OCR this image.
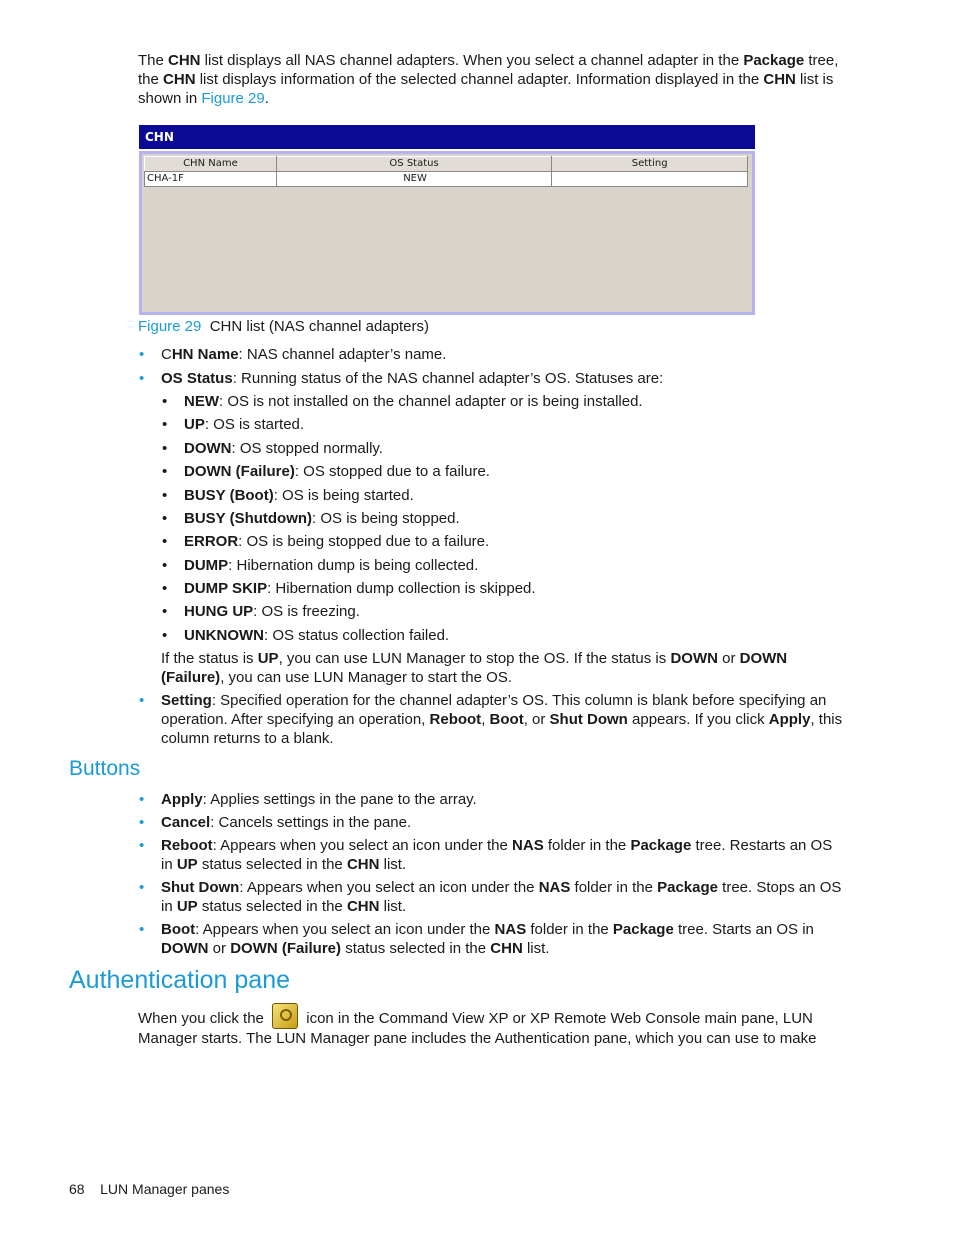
The CHN list displays all NAS channel adapters. When you select a channel adapter in the Package tree, the CHN list displays information of the selected channel adapter. Information displayed in the CHN list is shown in Figure 29.
CHN
CHN Name	OS Status	Setting
CHA-1F	NEW	
Figure 29 CHN list (NAS channel adapters)
• CHN Name: NAS channel adapter’s name.
• OS Status: Running status of the NAS channel adapter’s OS. Statuses are:
• NEW: OS is not installed on the channel adapter or is being installed.
• UP: OS is started.
• DOWN: OS stopped normally.
• DOWN (Failure): OS stopped due to a failure.
• BUSY (Boot): OS is being started.
• BUSY (Shutdown): OS is being stopped.
• ERROR: OS is being stopped due to a failure.
• DUMP: Hibernation dump is being collected.
• DUMP SKIP: Hibernation dump collection is skipped.
• HUNG UP: OS is freezing.
• UNKNOWN: OS status collection failed.
If the status is UP, you can use LUN Manager to stop the OS. If the status is DOWN or DOWN (Failure), you can use LUN Manager to start the OS.
• Setting: Specified operation for the channel adapter’s OS. This column is blank before specifying an operation. After specifying an operation, Reboot, Boot, or Shut Down appears. If you click Apply, this column returns to a blank.
Buttons
• Apply: Applies settings in the pane to the array.
• Cancel: Cancels settings in the pane.
• Reboot: Appears when you select an icon under the NAS folder in the Package tree. Restarts an OS in UP status selected in the CHN list.
• Shut Down: Appears when you select an icon under the NAS folder in the Package tree. Stops an OS in UP status selected in the CHN list.
• Boot: Appears when you select an icon under the NAS folder in the Package tree. Starts an OS in DOWN or DOWN (Failure) status selected in the CHN list.
Authentication pane
When you click the  icon in the Command View XP or XP Remote Web Console main pane, LUN Manager starts. The LUN Manager pane includes the Authentication pane, which you can use to make
68 LUN Manager panes
